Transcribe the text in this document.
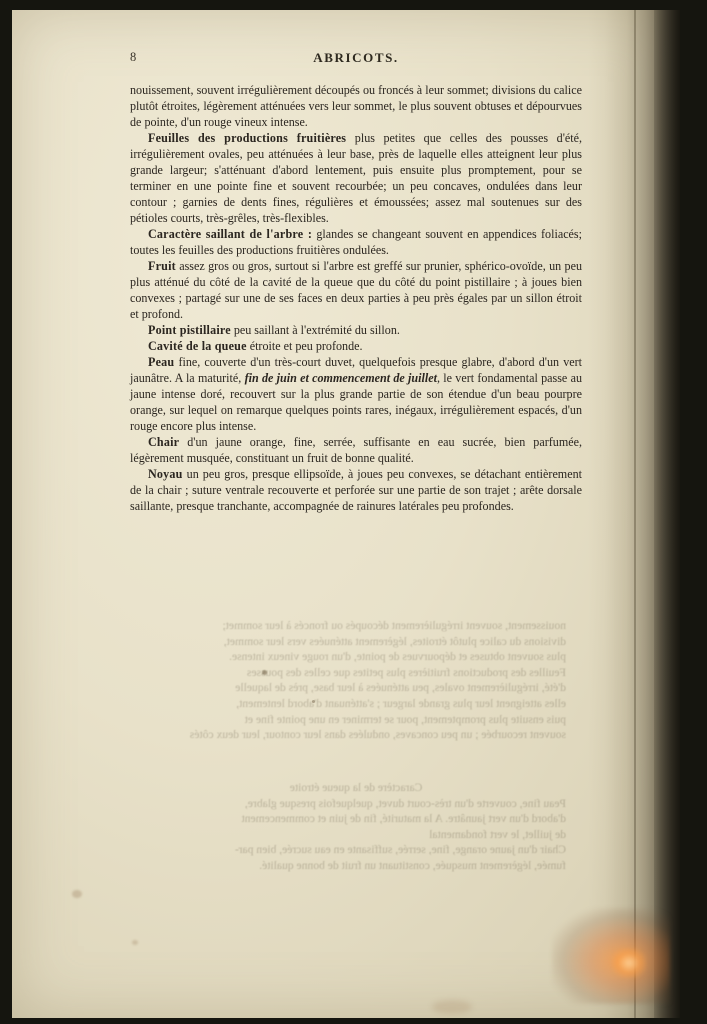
nouissement, souvent irrégulièrement découpés ou froncés à leur sommet;

divisions du calice plutôt étroites, légèrement atténuées vers leur sommet,

plus souvent obtuses et dépourvues de pointe, d'un rouge vineux intense.

Feuilles des productions fruitières plus petites que celles des pousses

d'été, irrégulièrement ovales, peu atténuées à leur base, près de laquelle

elles atteignent leur plus grande largeur ; s'atténuant d'abord lentement,

puis ensuite plus promptement, pour se terminer en une pointe fine et

souvent recourbée ; un peu concaves, ondulées dans leur contour, leur deux côtés

Caractère de la queue étroite

Peau fine, couverte d'un très-court duvet, quelquefois presque glabre,

d'abord d'un vert jaunâtre. A la maturité, fin de juin et commencement

de juillet, le vert fondamental

Chair d'un jaune orange, fine, serrée, suffisante en eau sucrée, bien par-

fumée, légèrement musquée, constituant un fruit de bonne qualité.

8	ABRICOTS.

nouissement, souvent irrégulièrement découpés ou froncés à leur sommet; divisions du calice plutôt étroites, légèrement atténuées vers leur sommet, le plus souvent obtuses et dépourvues de pointe, d'un rouge vineux intense.

Feuilles des productions fruitières plus petites que celles des pousses d'été, irrégulièrement ovales, peu atténuées à leur base, près de laquelle elles atteignent leur plus grande largeur; s'atténuant d'abord lentement, puis ensuite plus promptement, pour se terminer en une pointe fine et souvent recourbée; un peu concaves, ondulées dans leur contour ; garnies de dents fines, régulières et émoussées; assez mal soutenues sur des pétioles courts, très-grêles, très-flexibles.

Caractère saillant de l'arbre : glandes se changeant souvent en appendices foliacés; toutes les feuilles des productions fruitières ondulées.

Fruit assez gros ou gros, surtout si l'arbre est greffé sur prunier, sphérico-ovoïde, un peu plus atténué du côté de la cavité de la queue que du côté du point pistillaire ; à joues bien convexes ; partagé sur une de ses faces en deux parties à peu près égales par un sillon étroit et profond.

Point pistillaire peu saillant à l'extrémité du sillon.

Cavité de la queue étroite et peu profonde.

Peau fine, couverte d'un très-court duvet, quelquefois presque glabre, d'abord d'un vert jaunâtre. A la maturité, fin de juin et commencement de juillet, le vert fondamental passe au jaune intense doré, recouvert sur la plus grande partie de son étendue d'un beau pourpre orange, sur lequel on remarque quelques points rares, inégaux, irrégulièrement espacés, d'un rouge encore plus intense.

Chair d'un jaune orange, fine, serrée, suffisante en eau sucrée, bien parfumée, légèrement musquée, constituant un fruit de bonne qualité.

Noyau un peu gros, presque ellipsoïde, à joues peu convexes, se détachant entièrement de la chair ; suture ventrale recouverte et perforée sur une partie de son trajet ; arête dorsale saillante, presque tranchante, accompagnée de rainures latérales peu profondes.
